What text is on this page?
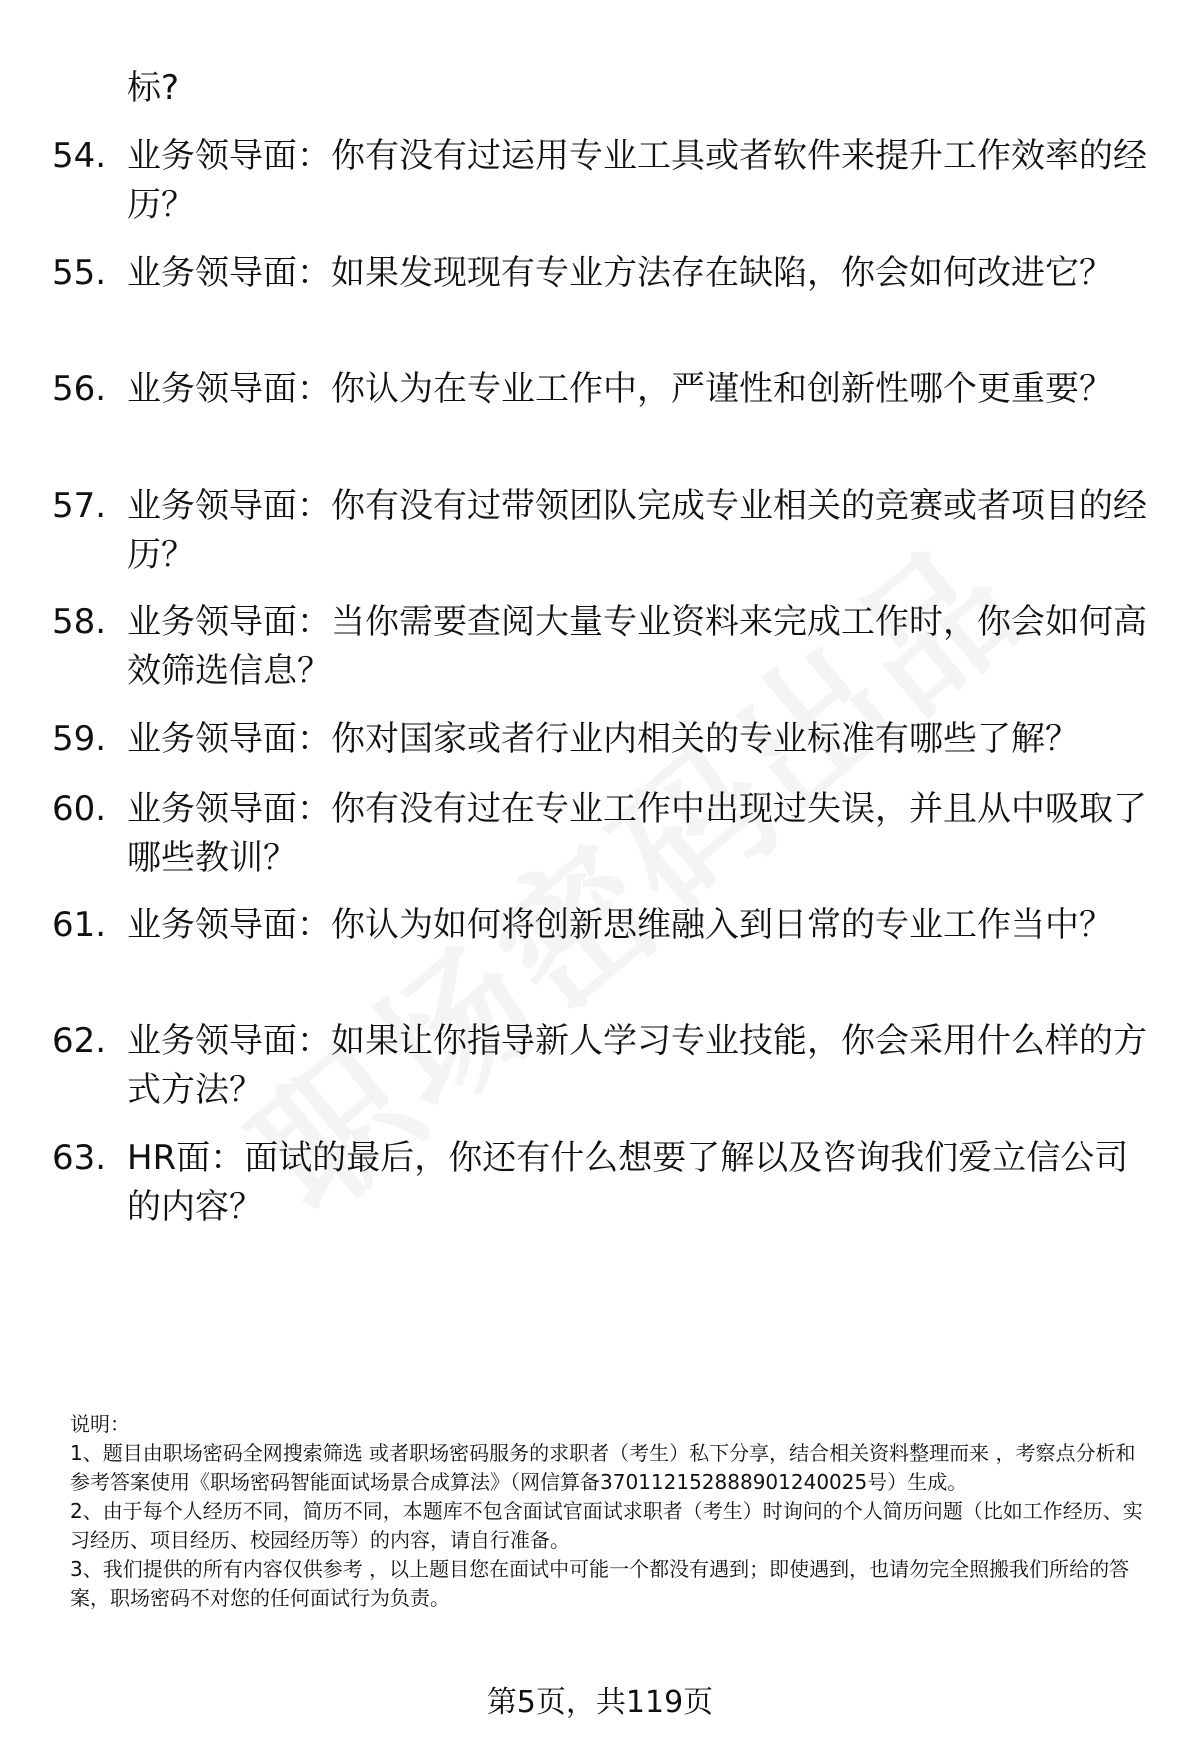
标?
54. 业务领导面：你有没有过运用专业工具或者软件来提升工作效率的经历？
55. 业务领导面：如果发现现有专业方法存在缺陷，你会如何改进它？
56. 业务领导面：你认为在专业工作中，严谨性和创新性哪个更重要？
57. 业务领导面：你有没有过带领团队完成专业相关的竞赛或者项目的经历？
58. 业务领导面：当你需要查阅大量专业资料来完成工作时，你会如何高效筛选信息？
59. 业务领导面：你对国家或者行业内相关的专业标准有哪些了解？
60. 业务领导面：你有没有过在专业工作中出现过失误，并且从中吸取了哪些教训？
61. 业务领导面：你认为如何将创新思维融入到日常的专业工作当中？
62. 业务领导面：如果让你指导新人学习专业技能，你会采用什么样的方式方法？
63. HR面：面试的最后，你还有什么想要了解以及咨询我们爱立信公司的内容？

说明：

1、题目由职场密码全网搜索筛选 或者职场密码服务的求职者（考生）私下分享，结合相关资料整理而来 ，考察点分析和参考答案使用《职场密码智能面试场景合成算法》（网信算备370112152888901240025号）生成。

2、由于每个人经历不同，简历不同，本题库不包含面试官面试求职者（考生）时询问的个人简历问题（比如工作经历、实习经历、项目经历、校园经历等）的内容，请自行准备。

3、我们提供的所有内容仅供参考 ，以上题目您在面试中可能一个都没有遇到；即使遇到，也请勿完全照搬我们所给的答案，职场密码不对您的任何面试行为负责。

第5页，共119页
